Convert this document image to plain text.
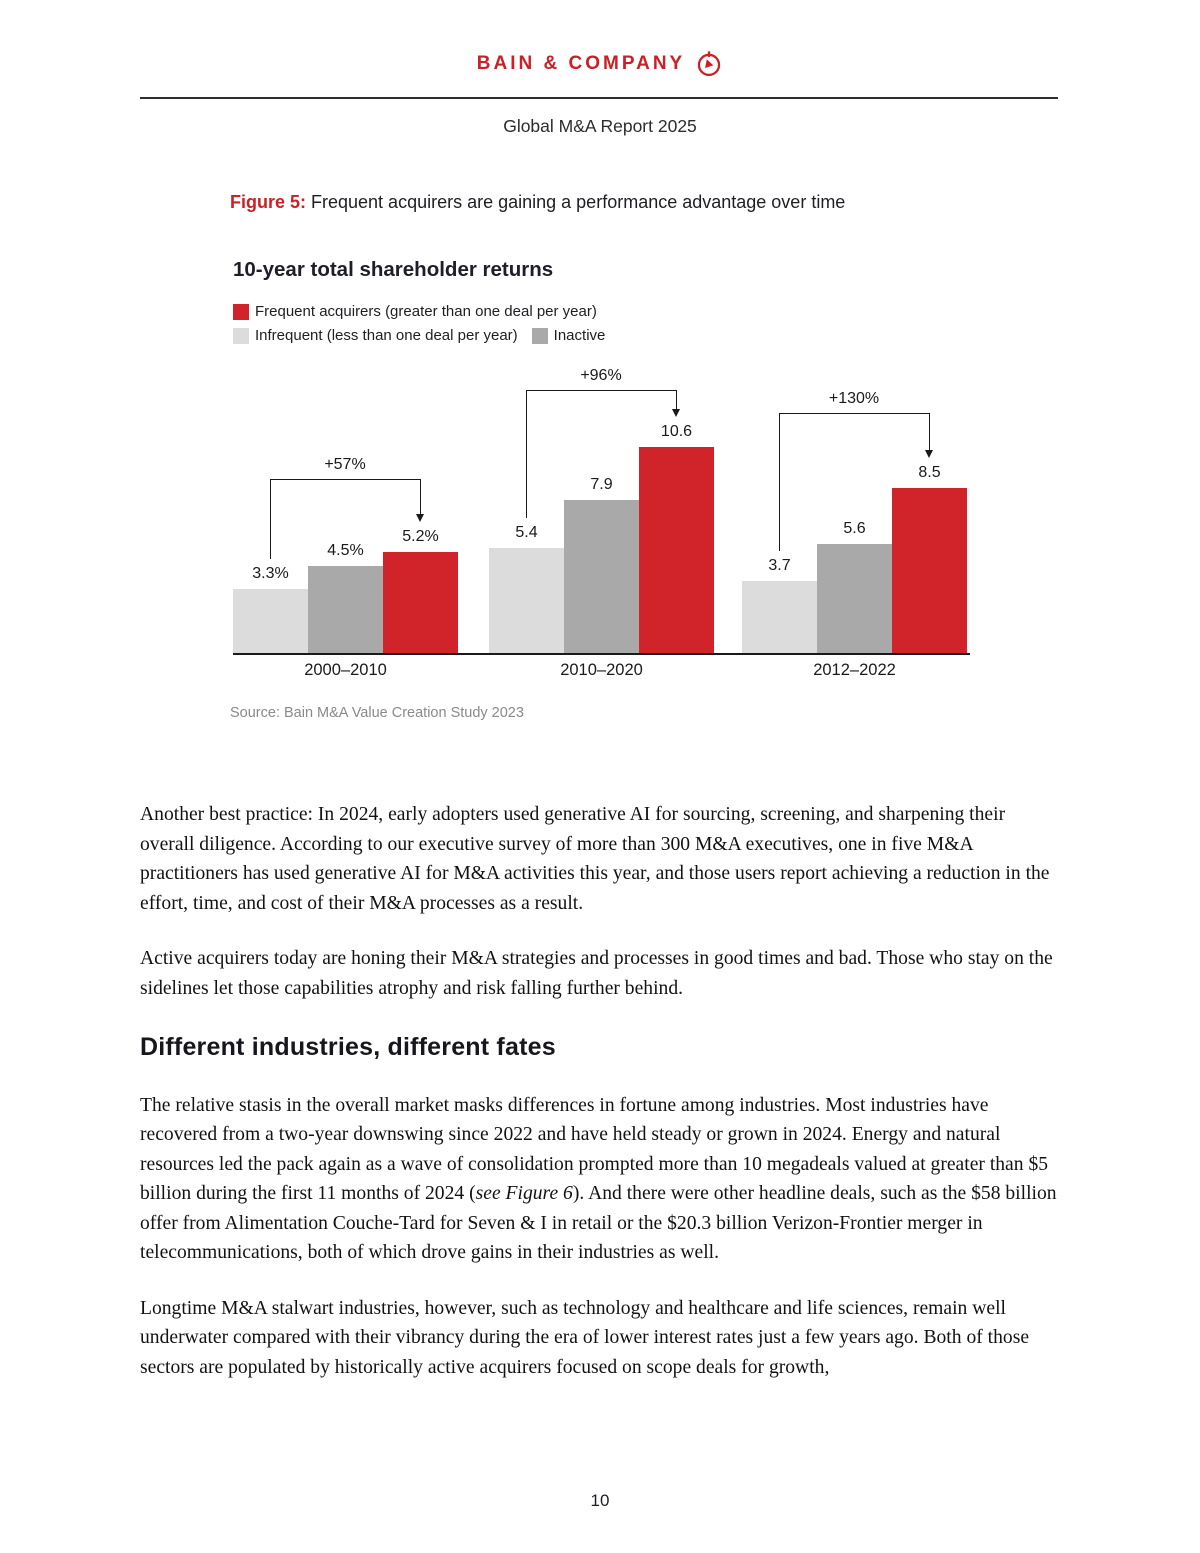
BAIN & COMPANY
Global M&A Report 2025
Figure 5: Frequent acquirers are gaining a performance advantage over time
10-year total shareholder returns
Frequent acquirers (greater than one deal per year)
Infrequent (less than one deal per year) Inactive
3.3%
4.5%
5.2%
+57%
5.4
7.9
10.6
+96%
3.7
5.6
8.5
+130%
2000–2010	2010–2020	2012–2022
Source: Bain M&A Value Creation Study 2023

Another best practice: In 2024, early adopters used generative AI for sourcing, screening, and sharpening their overall diligence. According to our executive survey of more than 300 M&A executives, one in five M&A practitioners has used generative AI for M&A activities this year, and those users report achieving a reduction in the effort, time, and cost of their M&A processes as a result.

Active acquirers today are honing their M&A strategies and processes in good times and bad. Those who stay on the sidelines let those capabilities atrophy and risk falling further behind.

Different industries, different fates

The relative stasis in the overall market masks differences in fortune among industries. Most industries have recovered from a two-year downswing since 2022 and have held steady or grown in 2024. Energy and natural resources led the pack again as a wave of consolidation prompted more than 10 megadeals valued at greater than $5 billion during the first 11 months of 2024 (see Figure 6). And there were other headline deals, such as the $58 billion offer from Alimentation Couche-Tard for Seven & I in retail or the $20.3 billion Verizon-Frontier merger in telecommunications, both of which drove gains in their industries as well.

Longtime M&A stalwart industries, however, such as technology and healthcare and life sciences, remain well underwater compared with their vibrancy during the era of lower interest rates just a few years ago. Both of those sectors are populated by historically active acquirers focused on scope deals for growth,

10
